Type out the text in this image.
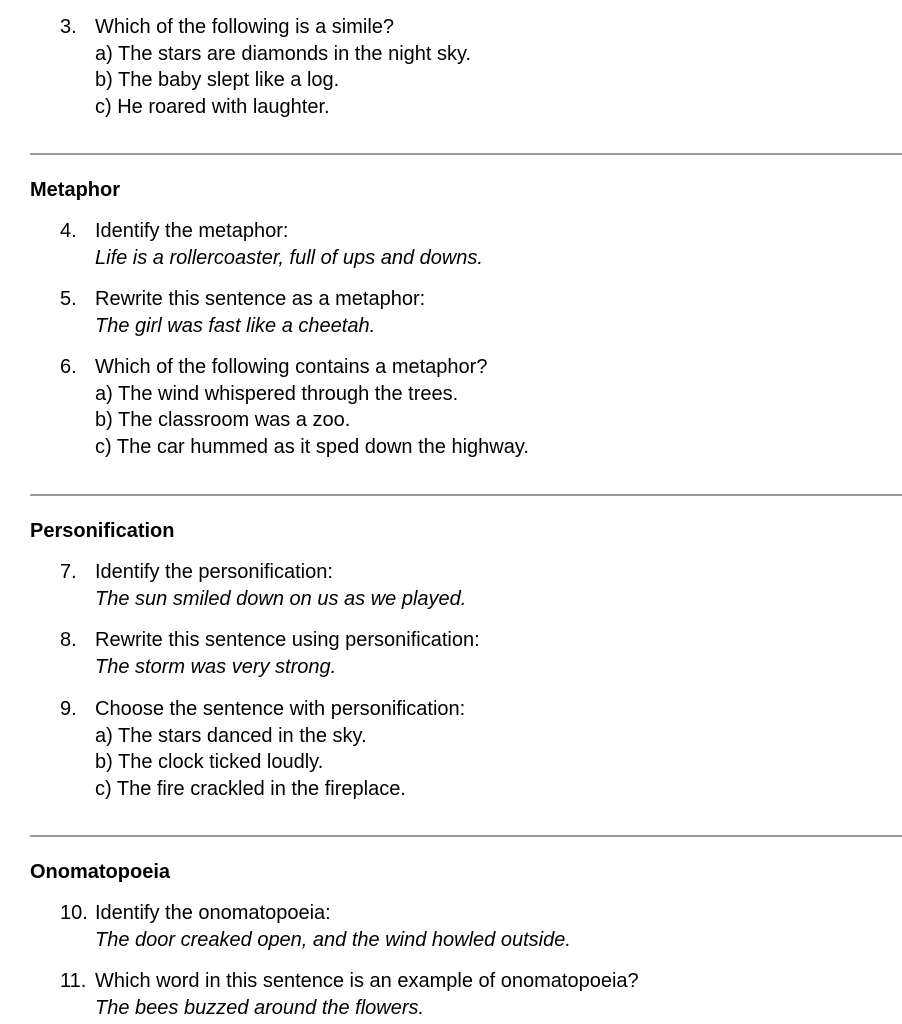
3. Which of the following is a simile?
a) The stars are diamonds in the night sky.
b) The baby slept like a log.
c) He roared with laughter.
Metaphor
4. Identify the metaphor:
Life is a rollercoaster, full of ups and downs.
5. Rewrite this sentence as a metaphor:
The girl was fast like a cheetah.
6. Which of the following contains a metaphor?
a) The wind whispered through the trees.
b) The classroom was a zoo.
c) The car hummed as it sped down the highway.
Personification
7. Identify the personification:
The sun smiled down on us as we played.
8. Rewrite this sentence using personification:
The storm was very strong.
9. Choose the sentence with personification:
a) The stars danced in the sky.
b) The clock ticked loudly.
c) The fire crackled in the fireplace.
Onomatopoeia
10. Identify the onomatopoeia:
The door creaked open, and the wind howled outside.
11. Which word in this sentence is an example of onomatopoeia?
The bees buzzed around the flowers.
